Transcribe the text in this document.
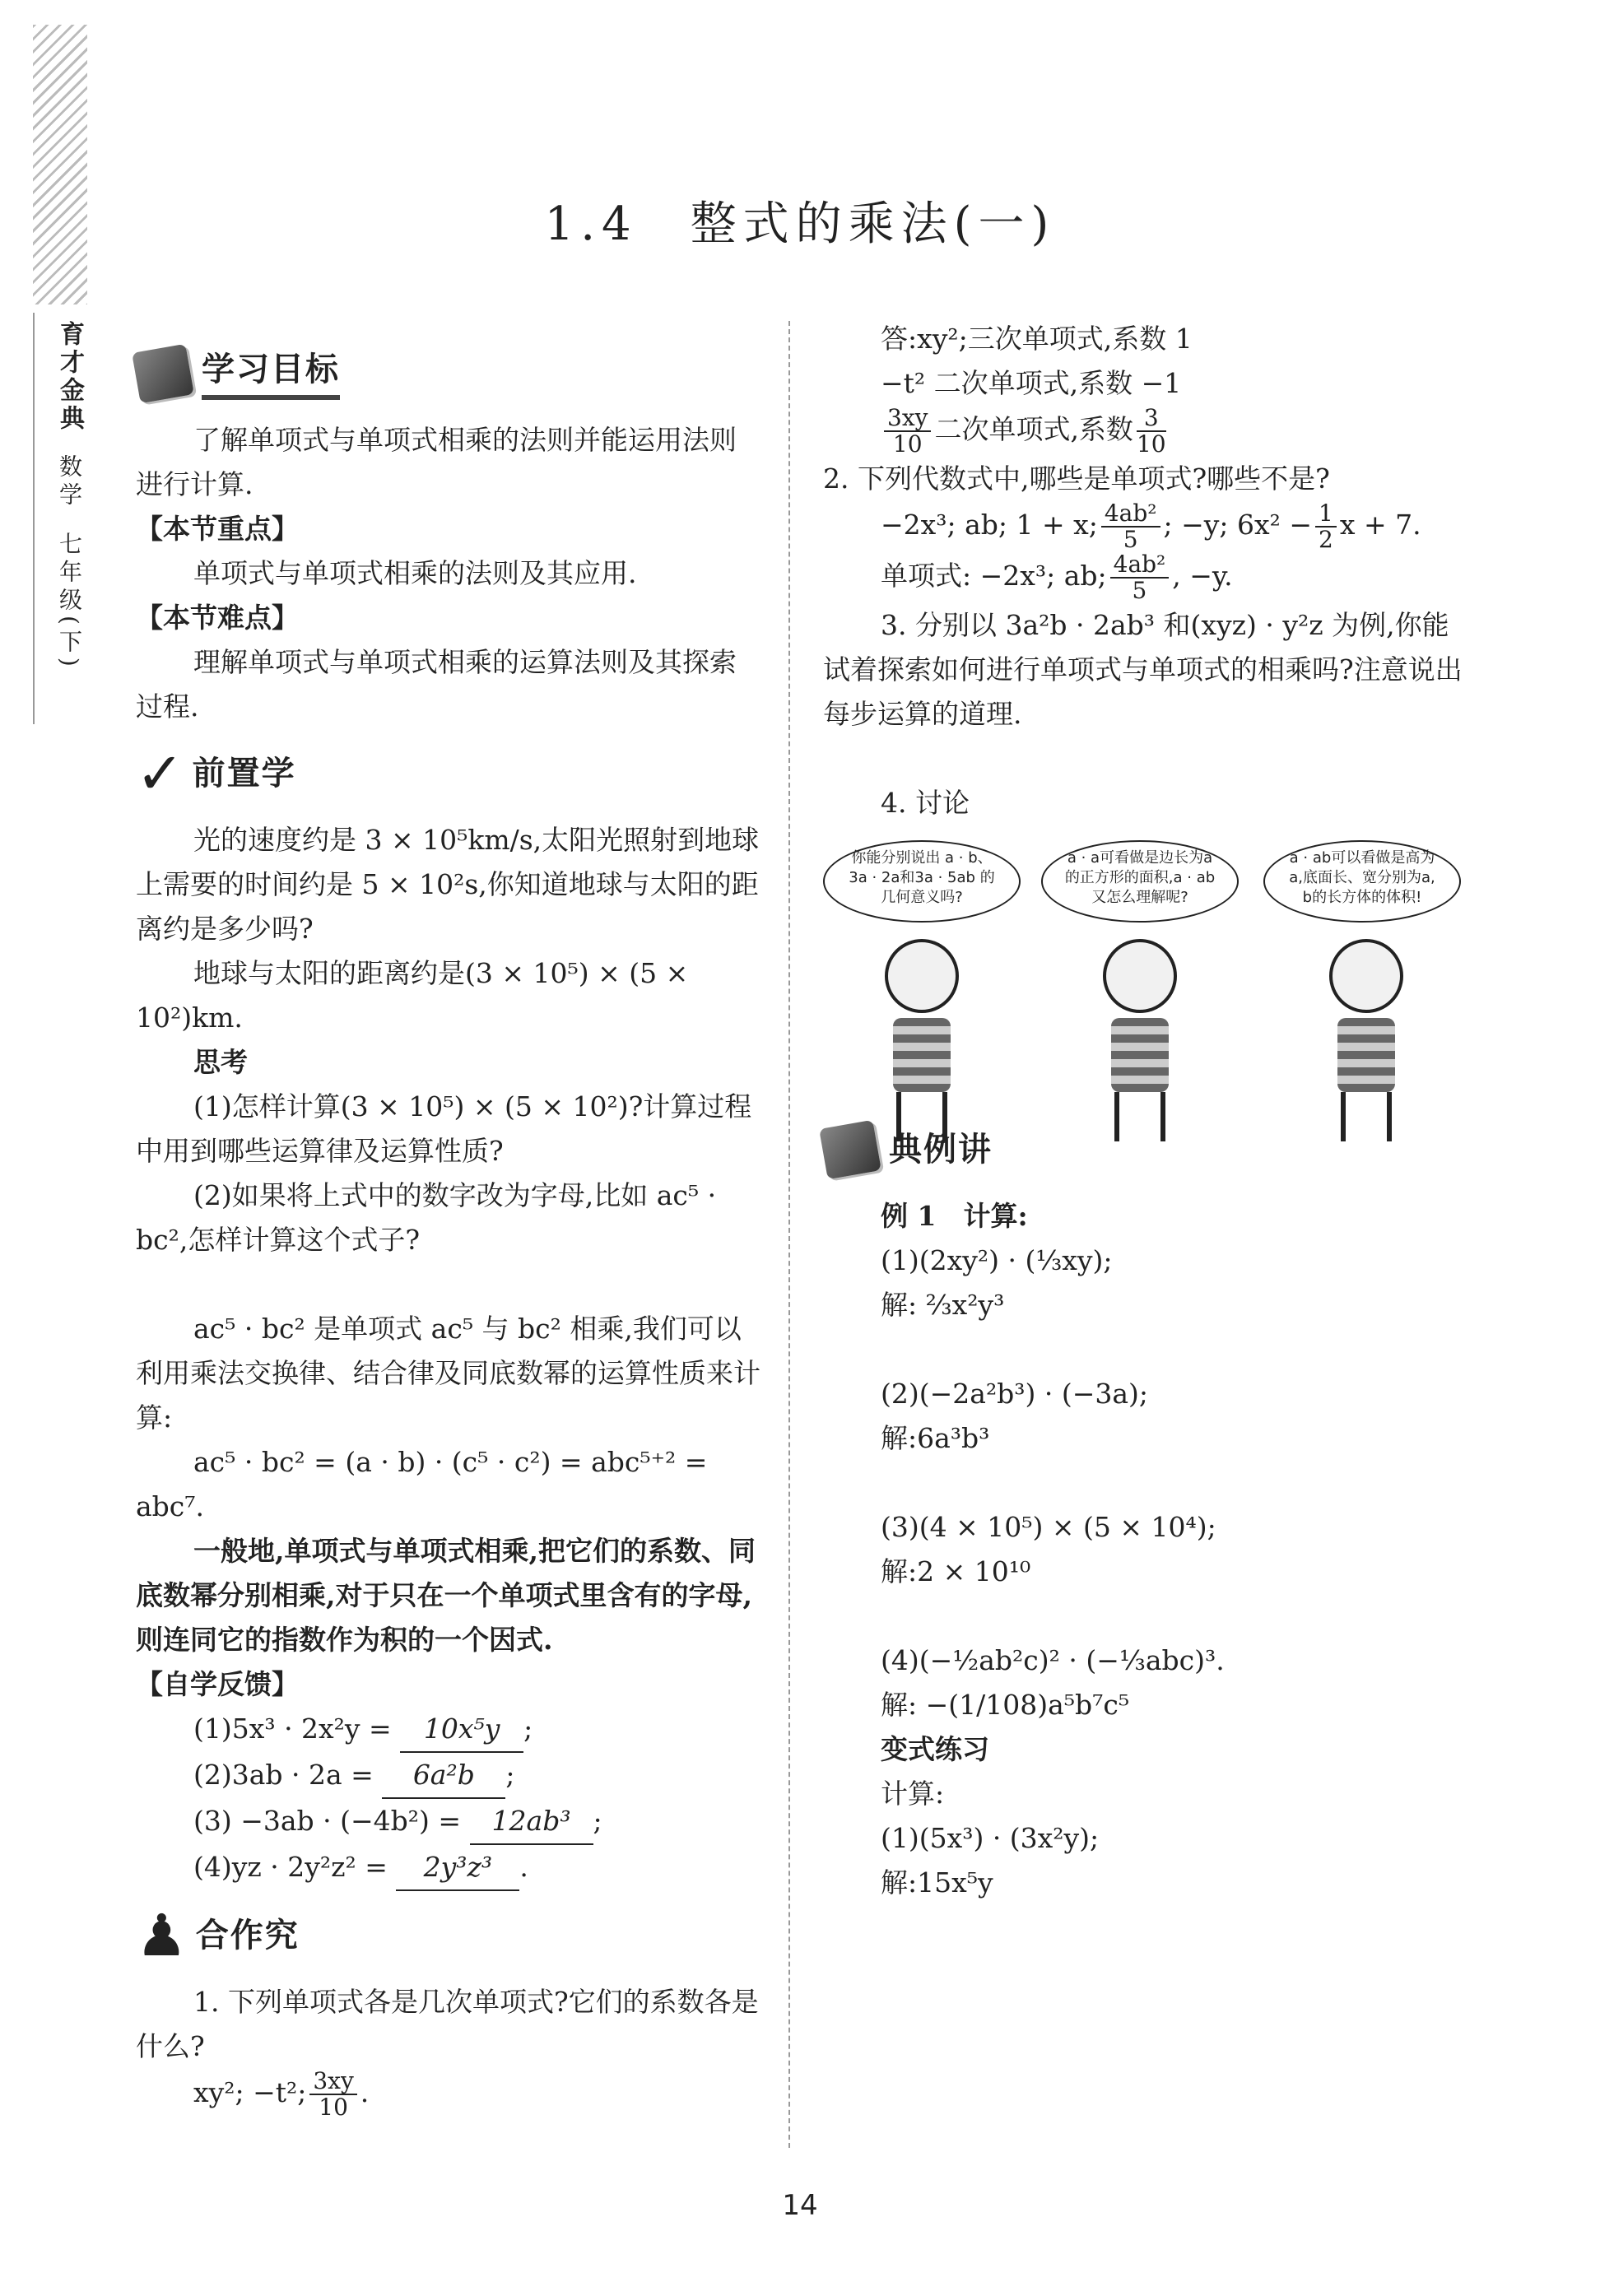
育才金典
数学
七年级(下)
1.4　整式的乘法(一)
学习目标

了解单项式与单项式相乘的法则并能运用法则进行计算.

【本节重点】

单项式与单项式相乘的法则及其应用.

【本节难点】

理解单项式与单项式相乘的运算法则及其探索过程.

✓ 前置学

光的速度约是 3 × 10⁵km/s,太阳光照射到地球上需要的时间约是 5 × 10²s,你知道地球与太阳的距离约是多少吗?

地球与太阳的距离约是(3 × 10⁵) × (5 × 10²)km.

思考

(1)怎样计算(3 × 10⁵) × (5 × 10²)?计算过程中用到哪些运算律及运算性质?

(2)如果将上式中的数字改为字母,比如 ac⁵ · bc²,怎样计算这个式子?

ac⁵ · bc² 是单项式 ac⁵ 与 bc² 相乘,我们可以利用乘法交换律、结合律及同底数幂的运算性质来计算:

ac⁵ · bc² = (a · b) · (c⁵ · c²) = abc⁵⁺² = abc⁷.

一般地,单项式与单项式相乘,把它们的系数、同底数幂分别相乘,对于只在一个单项式里含有的字母,则连同它的指数作为积的一个因式.

【自学反馈】

(1)5x³ · 2x²y = 10x⁵y ;

(2)3ab · 2a = 6a²b ;

(3) −3ab · (−4b²) = 12ab³ ;

(4)yz · 2y²z² = 2y³z³ .

♟ 合作究

1. 下列单项式各是几次单项式?它们的系数各是什么?

xy²; −t²; $\frac{3xy}{10}$ .

答:xy²;三次单项式,系数 1

−t² 二次单项式,系数 −1

$\frac{3xy}{10}$ 二次单项式,系数 $\frac{3}{10}$

2. 下列代数式中,哪些是单项式?哪些不是?

−2x³; ab; 1 + x; $\frac{\text{4ab²}}{5}$ ; −y; $6x^2 - \frac{1}{2}$ x + 7.

单项式: −2x³; ab; $\frac{\text{4ab²}}{5}$ , −y.

3. 分别以 3a²b · 2ab³ 和(xyz) · y²z 为例,你能试着探索如何进行单项式与单项式的相乘吗?注意说出每步运算的道理.

4. 讨论

你能分别说出 a · b、3a · 2a和3a · 5ab 的几何意义吗?
a · a可看做是边长为a的正方形的面积,a · ab又怎么理解呢?
a · ab可以看做是高为a,底面长、宽分别为a, b的长方体的体积!
典例讲

例 1　计算:

(1)(2xy²) · (⅓xy);

解: ⅔x²y³

(2)(−2a²b³) · (−3a);

解:6a³b³

(3)(4 × 10⁵) × (5 × 10⁴);

解:2 × 10¹⁰

(4)(−½ab²c)² · (−⅓abc)³.

解: −(1/108)a⁵b⁷c⁵

变式练习

计算:

(1)(5x³) · (3x²y);

解:15x⁵y

14
